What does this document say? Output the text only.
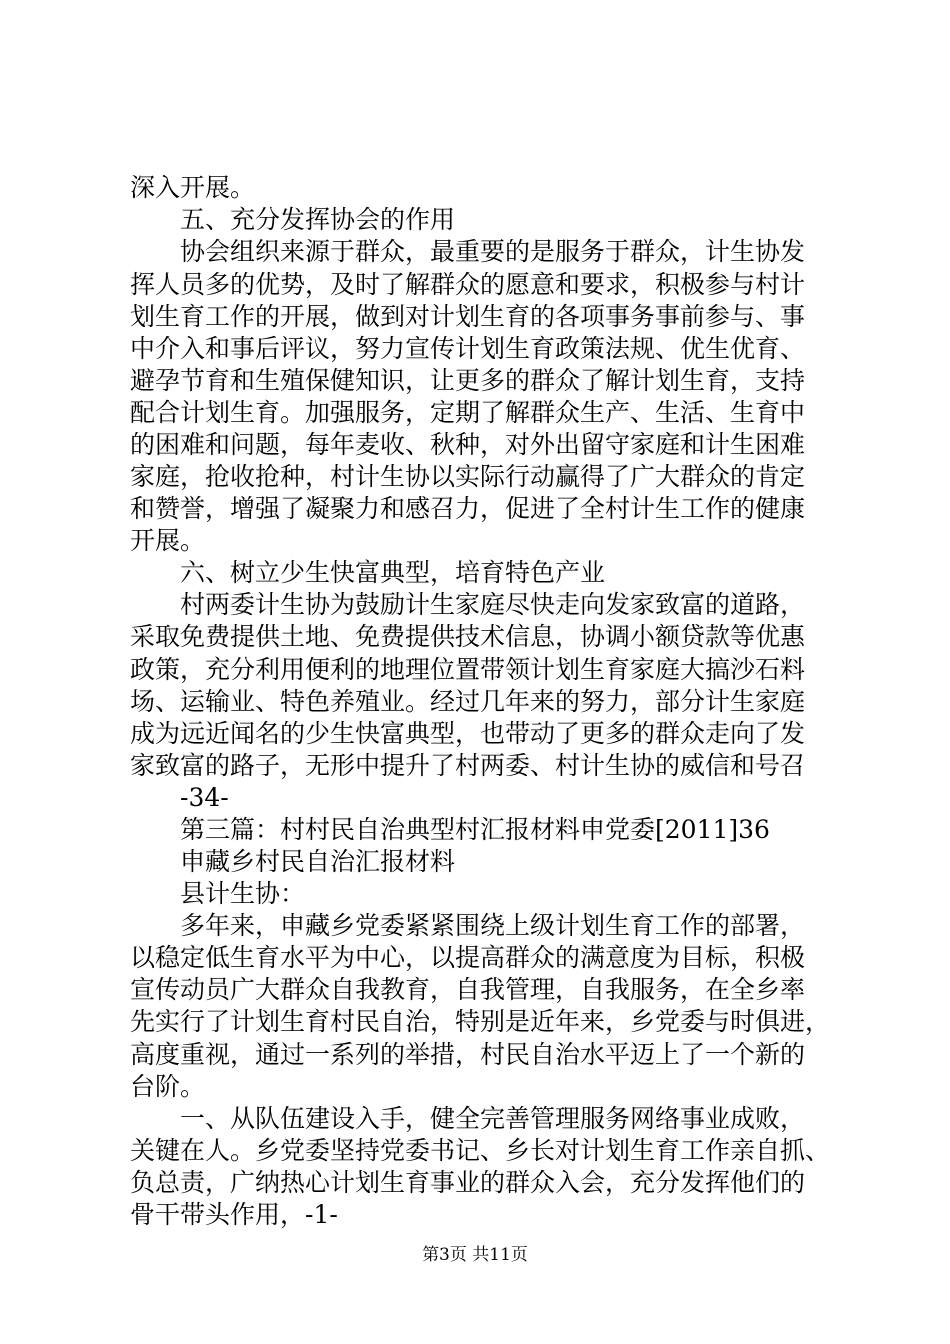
深入开展。
五、充分发挥协会的作用
协会组织来源于群众，最重要的是服务于群众，计生协发
挥人员多的优势，及时了解群众的愿意和要求，积极参与村计
划生育工作的开展，做到对计划生育的各项事务事前参与、事
中介入和事后评议，努力宣传计划生育政策法规、优生优育、
避孕节育和生殖保健知识，让更多的群众了解计划生育，支持
配合计划生育。加强服务，定期了解群众生产、生活、生育中
的困难和问题，每年麦收、秋种，对外出留守家庭和计生困难
家庭，抢收抢种，村计生协以实际行动赢得了广大群众的肯定
和赞誉，增强了凝聚力和感召力，促进了全村计生工作的健康
开展。
六、树立少生快富典型，培育特色产业
村两委计生协为鼓励计生家庭尽快走向发家致富的道路，
采取免费提供土地、免费提供技术信息，协调小额贷款等优惠
政策，充分利用便利的地理位置带领计划生育家庭大搞沙石料
场、运输业、特色养殖业。经过几年来的努力，部分计生家庭
成为远近闻名的少生快富典型，也带动了更多的群众走向了发
家致富的路子，无形中提升了村两委、村计生协的威信和号召
-34-
第三篇：村村民自治典型村汇报材料申党委[2011]36
申藏乡村民自治汇报材料
县计生协：
多年来，申藏乡党委紧紧围绕上级计划生育工作的部署，
以稳定低生育水平为中心，以提高群众的满意度为目标，积极
宣传动员广大群众自我教育，自我管理，自我服务，在全乡率
先实行了计划生育村民自治，特别是近年来，乡党委与时俱进，
高度重视，通过一系列的举措，村民自治水平迈上了一个新的
台阶。
一、从队伍建设入手，健全完善管理服务网络事业成败，
关键在人。乡党委坚持党委书记、乡长对计划生育工作亲自抓、
负总责，广纳热心计划生育事业的群众入会，充分发挥他们的
骨干带头作用，-1-
第3页 共11页
